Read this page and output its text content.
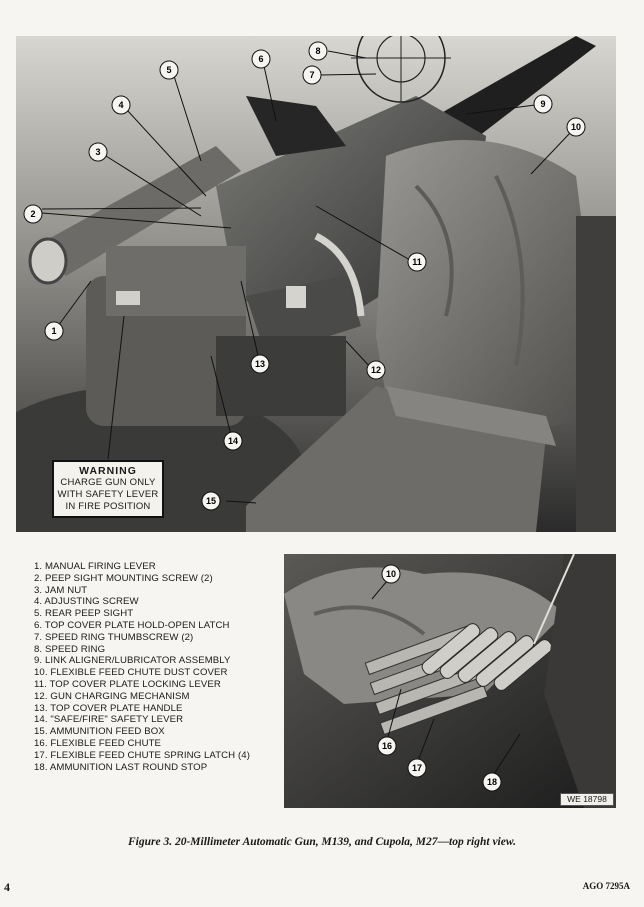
1
2
3
4
5
6
7
8
9
10
11
12
13
14
15
WARNING
CHARGE GUN ONLY
WITH SAFETY LEVER
IN FIRE POSITION
1. MANUAL FIRING LEVER
2. PEEP SIGHT MOUNTING SCREW (2)
3. JAM NUT
4. ADJUSTING SCREW
5. REAR PEEP SIGHT
6. TOP COVER PLATE HOLD-OPEN LATCH
7. SPEED RING THUMBSCREW (2)
8. SPEED RING
9. LINK ALIGNER/LUBRICATOR ASSEMBLY
10. FLEXIBLE FEED CHUTE DUST COVER
11. TOP COVER PLATE LOCKING LEVER
12. GUN CHARGING MECHANISM
13. TOP COVER PLATE HANDLE
14. "SAFE/FIRE" SAFETY LEVER
15. AMMUNITION FEED BOX
16. FLEXIBLE FEED CHUTE
17. FLEXIBLE FEED CHUTE SPRING LATCH (4)
18. AMMUNITION LAST ROUND STOP
10
16
17
18
WE 18798
Figure 3. 20-Millimeter Automatic Gun, M139, and Cupola, M27—top right view.
4	AGO 7295A
